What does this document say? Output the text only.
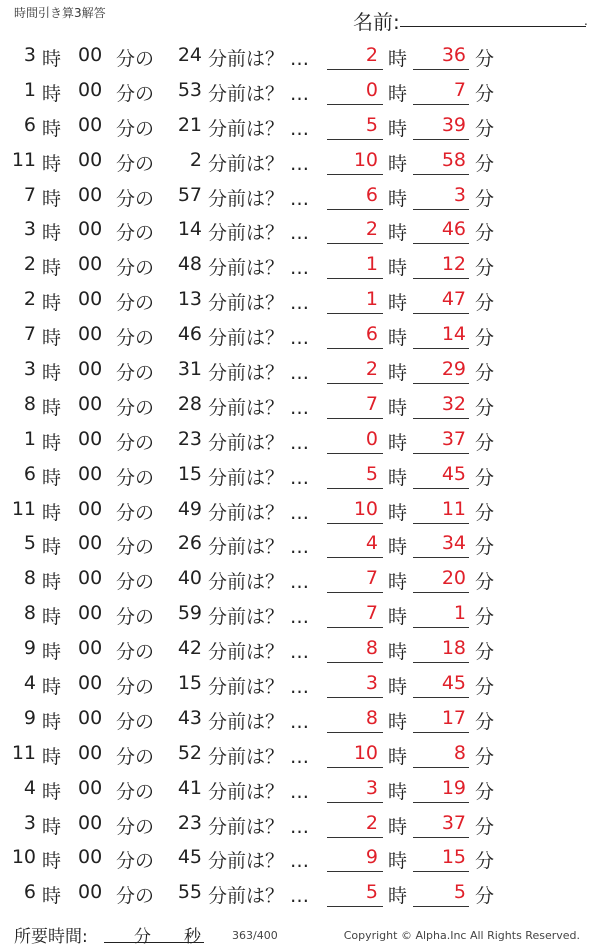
時間引き算3解答	名前:	.
3 時 00 分の 24 分前は？ …	2 時 36 分
1 時 00 分の 53 分前は？ …	0 時 7 分
6 時 00 分の 21 分前は？ …	5 時 39 分
11 時 00 分の 2 分前は？ … 10 時 58 分
7 時 00 分の 57 分前は？ …	6 時 3 分
3 時 00 分の 14 分前は？ …	2 時 46 分
2 時 00 分の 48 分前は？ …	1 時 12 分
2 時 00 分の 13 分前は？ …	1 時 47 分
7 時 00 分の 46 分前は？ …	6 時 14 分
3 時 00 分の 31 分前は？ …	2 時 29 分
8 時 00 分の 28 分前は？ …	7 時 32 分
1 時 00 分の 23 分前は？ …	0 時 37 分
6 時 00 分の 15 分前は？ …	5 時 45 分
11 時 00 分の 49 分前は？ … 10 時 11 分
5 時 00 分の 26 分前は？ …	4 時 34 分
8 時 00 分の 40 分前は？ …	7 時 20 分
8 時 00 分の 59 分前は？ …	7 時 1 分
9 時 00 分の 42 分前は？ …	8 時 18 分
4 時 00 分の 15 分前は？ …	3 時 45 分
9 時 00 分の 43 分前は？ …	8 時 17 分
11 時 00 分の 52 分前は？ … 10 時 8 分
4 時 00 分の 41 分前は？ …	3 時 19 分
3 時 00 分の 23 分前は？ …	2 時 37 分
10 時 00 分の 45 分前は？ …	9 時 15 分
6 時 00 分の 55 分前は？ …	5 時 5 分
所要時間:	分 秒	363/400	Copyright © Alpha.Inc All Rights Reserved.
